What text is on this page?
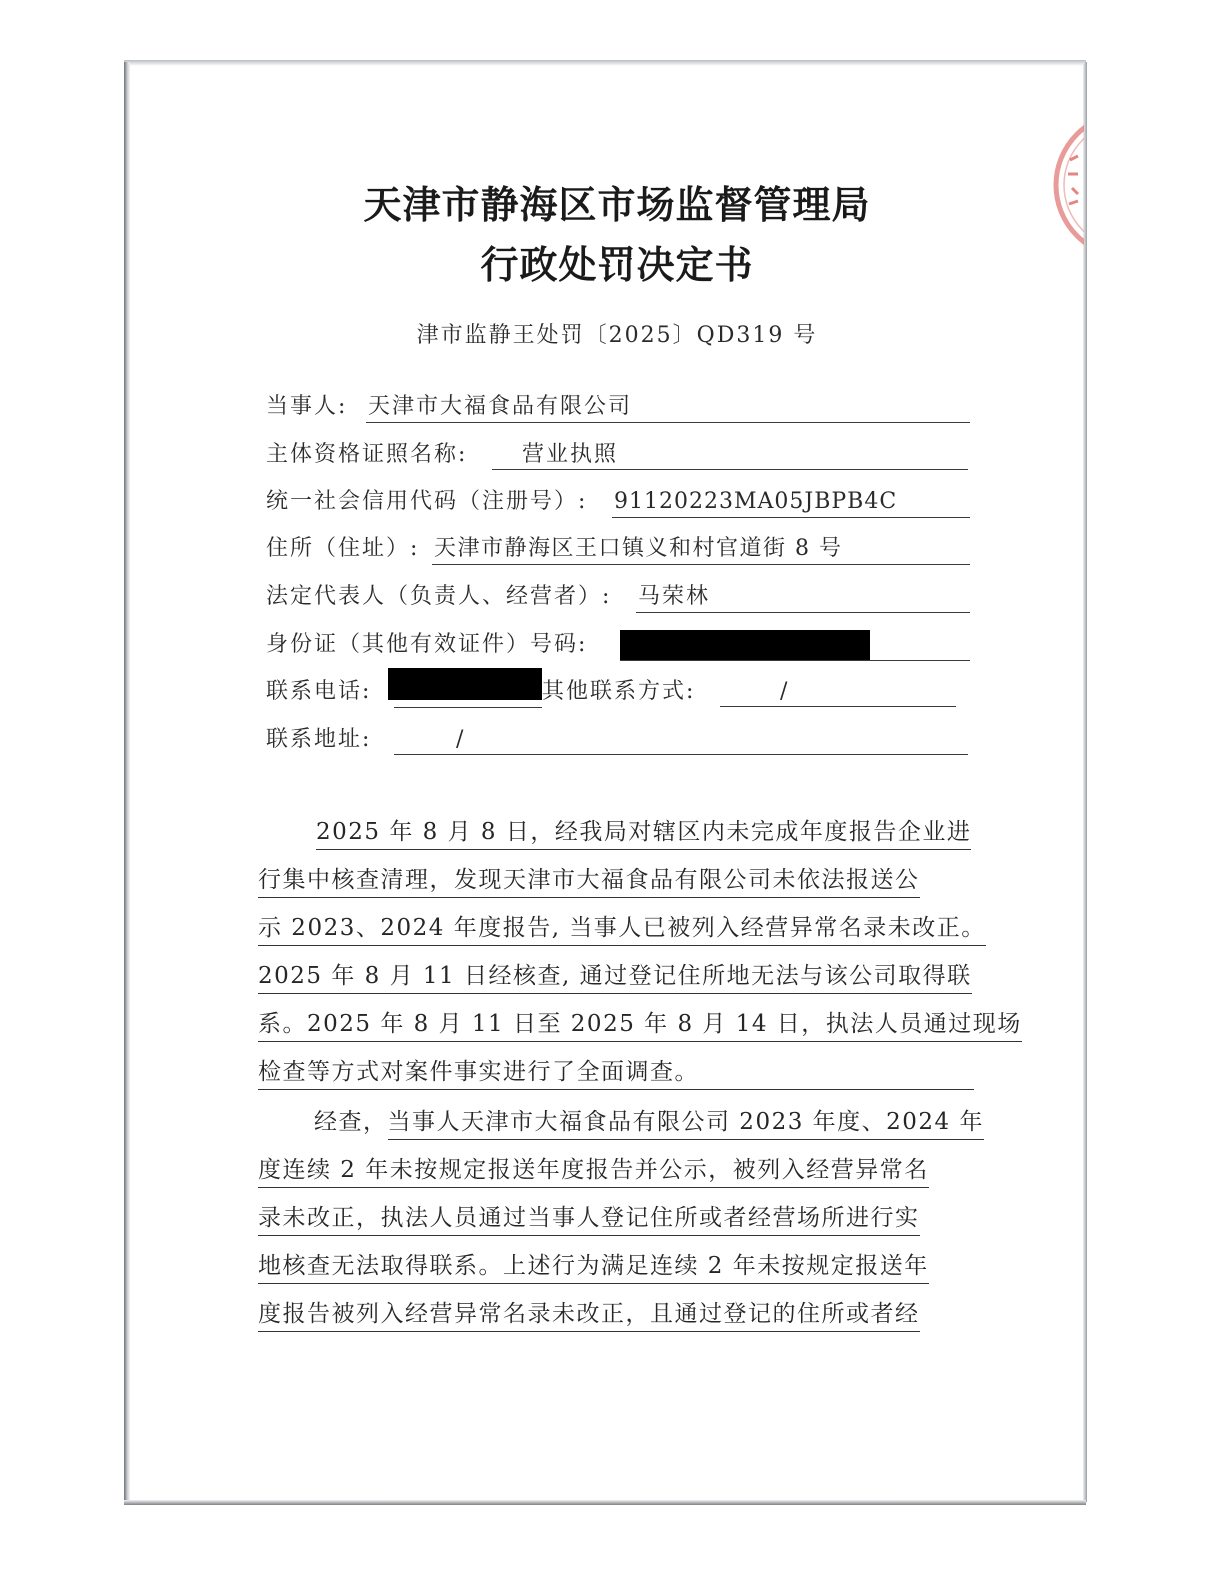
天津市静海区市场监督管理局
行政处罚决定书
津市监静王处罚〔2025〕QD319 号
当事人: 天津市大福食品有限公司
主体资格证照名称:	营业执照
统一社会信用代码（注册号）: 91120223MA05JBPB4C
住所（住址）: 天津市静海区王口镇义和村官道街 8 号
法定代表人（负责人、经营者）: 马荣林
身份证（其他有效证件）号码:
联系电话:	其他联系方式:	/
联系地址:	/
2025 年 8 月 8 日，经我局对辖区内未完成年度报告企业进
行集中核查清理，发现天津市大福食品有限公司未依法报送公
示 2023、2024 年度报告, 当事人已被列入经营异常名录未改正。
2025 年 8 月 11 日经核查, 通过登记住所地无法与该公司取得联
系。2025 年 8 月 11 日至 2025 年 8 月 14 日，执法人员通过现场
检查等方式对案件事实进行了全面调查。
经查，当事人天津市大福食品有限公司 2023 年度、2024 年
度连续 2 年未按规定报送年度报告并公示，被列入经营异常名
录未改正，执法人员通过当事人登记住所或者经营场所进行实
地核查无法取得联系。上述行为满足连续 2 年未按规定报送年
度报告被列入经营异常名录未改正，且通过登记的住所或者经
